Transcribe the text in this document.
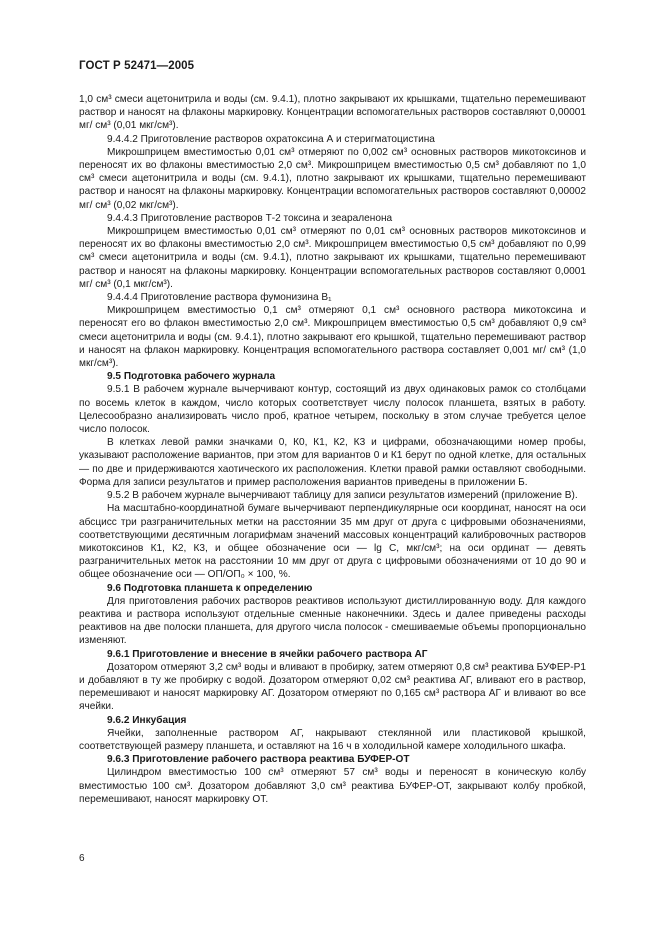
ГОСТ Р 52471—2005

1,0 см³ смеси ацетонитрила и воды (см. 9.4.1), плотно закрывают их крышками, тщательно перемешивают раствор и наносят на флаконы маркировку. Концентрации вспомогательных растворов составляют 0,00001 мг/ см³ (0,01 мкг/см³).

9.4.4.2 Приготовление растворов охратоксина А и стеригматоцистина

Микрошприцем вместимостью 0,01 см³ отмеряют по 0,002 см³ основных растворов микотоксинов и переносят их во флаконы вместимостью 2,0 см³. Микрошприцем вместимостью 0,5 см³ добавляют по 1,0 см³ смеси ацетонитрила и воды (см. 9.4.1), плотно закрывают их крышками, тщательно перемешивают раствор и наносят на флаконы маркировку. Концентрации вспомогательных растворов составляют 0,00002 мг/ см³ (0,02 мкг/см³).

9.4.4.3 Приготовление растворов Т-2 токсина и зеараленона

Микрошприцем вместимостью 0,01 см³ отмеряют по 0,01 см³ основных растворов микотоксинов и переносят их во флаконы вместимостью 2,0 см³. Микрошприцем вместимостью 0,5 см³ добавляют по 0,99 см³ смеси ацетонитрила и воды (см. 9.4.1), плотно закрывают их крышками, тщательно перемешивают раствор и наносят на флаконы маркировку. Концентрации вспомогательных растворов составляют 0,0001 мг/ см³ (0,1 мкг/см³).

9.4.4.4 Приготовление раствора фумонизина В₁

Микрошприцем вместимостью 0,1 см³ отмеряют 0,1 см³ основного раствора микотоксина и переносят его во флакон вместимостью 2,0 см³. Микрошприцем вместимостью 0,5 см³ добавляют 0,9 см³ смеси ацетонитрила и воды (см. 9.4.1), плотно закрывают его крышкой, тщательно перемешивают раствор и наносят на флакон маркировку. Концентрация вспомогательного раствора составляет 0,001 мг/ см³ (1,0 мкг/см³).

9.5 Подготовка рабочего журнала

9.5.1 В рабочем журнале вычерчивают контур, состоящий из двух одинаковых рамок со столбцами по восемь клеток в каждом, число которых соответствует числу полосок планшета, взятых в работу. Целесообразно анализировать число проб, кратное четырем, поскольку в этом случае требуется целое число полосок.

В клетках левой рамки значками 0, К0, К1, К2, К3 и цифрами, обозначающими номер пробы, указывают расположение вариантов, при этом для вариантов 0 и К1 берут по одной клетке, для остальных — по две и придерживаются хаотического их расположения. Клетки правой рамки оставляют свободными. Форма для записи результатов и пример расположения вариантов приведены в приложении Б.

9.5.2 В рабочем журнале вычерчивают таблицу для записи результатов измерений (приложение В).

На масштабно-координатной бумаге вычерчивают перпендикулярные оси координат, наносят на оси абсцисс три разграничительных метки на расстоянии 35 мм друг от друга с цифровыми обозначениями, соответствующими десятичным логарифмам значений массовых концентраций калибровочных растворов микотоксинов К1, К2, К3, и общее обозначение оси — lg С, мкг/см³; на оси ординат — девять разграничительных меток на расстоянии 10 мм друг от друга с цифровыми обозначениями от 10 до 90 и общее обозначение оси — ОП/ОП₀ × 100, %.

9.6 Подготовка планшета к определению

Для приготовления рабочих растворов реактивов используют дистиллированную воду. Для каждого реактива и раствора используют отдельные сменные наконечники. Здесь и далее приведены расходы реактивов на две полоски планшета, для другого числа полосок - смешиваемые объемы пропорционально изменяют.

9.6.1 Приготовление и внесение в ячейки рабочего раствора АГ

Дозатором отмеряют 3,2 см³ воды и вливают в пробирку, затем отмеряют 0,8 см³ реактива БУФЕР-Р1 и добавляют в ту же пробирку с водой. Дозатором отмеряют 0,02 см³ реактива АГ, вливают его в раствор, перемешивают и наносят маркировку АГ. Дозатором отмеряют по 0,165 см³ раствора АГ и вливают во все ячейки.

9.6.2 Инкубация

Ячейки, заполненные раствором АГ, накрывают стеклянной или пластиковой крышкой, соответствующей размеру планшета, и оставляют на 16 ч в холодильной камере холодильного шкафа.

9.6.3 Приготовление рабочего раствора реактива БУФЕР-ОТ

Цилиндром вместимостью 100 см³ отмеряют 57 см³ воды и переносят в коническую колбу вместимостью 100 см³. Дозатором добавляют 3,0 см³ реактива БУФЕР-ОТ, закрывают колбу пробкой, перемешивают, наносят маркировку ОТ.

6
